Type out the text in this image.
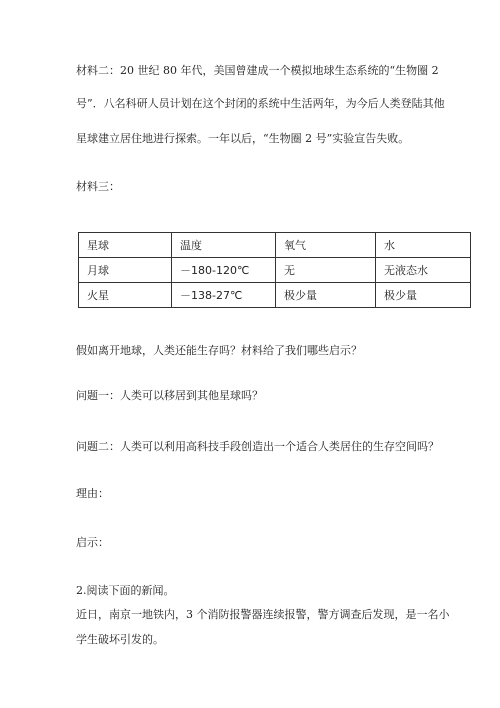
材料二：20 世纪 80 年代，美国曾建成一个模拟地球生态系统的“生物圈 2
号”．八名科研人员计划在这个封闭的系统中生活两年，为今后人类登陆其他
星球建立居住地进行探索。一年以后，“生物圈 2 号”实验宣告失败。
材料三：
星球	温度	氧气	水
月球	－180-120℃	无	无液态水
火星	－138-27℃	极少量	极少量
假如离开地球，人类还能生存吗？材料给了我们哪些启示？
问题一：人类可以移居到其他星球吗？
问题二：人类可以利用高科技手段创造出一个适合人类居住的生存空间吗？
理由：
启示：
2.阅读下面的新闻。
近日，南京一地铁内，3 个消防报警器连续报警，警方调查后发现，是一名小
学生破坏引发的。
